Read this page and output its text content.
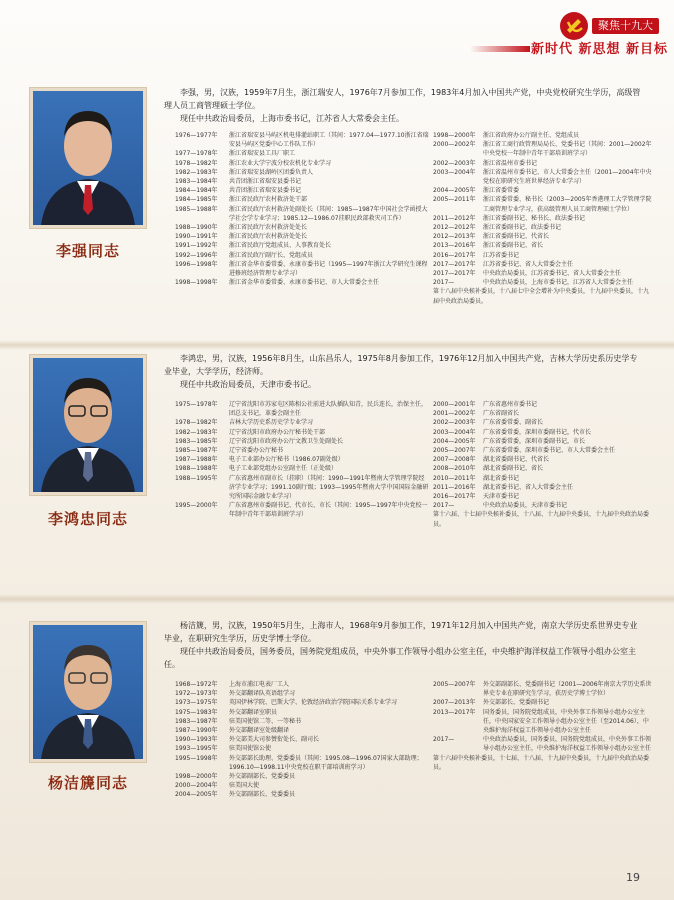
聚焦十九大
新时代 新思想 新目标
李强同志

李强，男，汉族，1959年7月生，浙江瑞安人，1976年7月参加工作，1983年4月加入中国共产党，中央党校研究生学历，高级管理人员工商管理硕士学位。

现任中共政治局委员，上海市委书记，江苏省人大常委会主任。

1976—1977年	浙江省瑞安县马屿区机电排灌站职工（其间：1977.04—1977.10浙江省瑞安县马屿区党委中心工作队工作）
1977—1978年	浙江省瑞安县工具厂职工
1978—1982年	浙江农业大学宁波分校农机化专业学习
1982—1983年	浙江省瑞安县湖岭区团委负责人
1983—1984年	共青团浙江省瑞安县委书记
1984—1984年	共青团浙江省瑞安县委书记
1984—1985年	浙江省民政厅农村救济处干部
1985—1988年	浙江省民政厅农村救济处副处长（其间：1985—1987年中国社会学函授大学社会学专业学习；1985.12—1986.07挂职民政部救灾司工作）
1988—1990年	浙江省民政厅农村救济处处长
1990—1991年	浙江省民政厅农村救济处处长
1991—1992年	浙江省民政厅党组成员、人事教育处长
1992—1996年	浙江省民政厅副厅长、党组成员
1996—1998年	浙江省金华市委常委、永康市委书记（1995—1997年浙江大学研究生课程进修班经济管理专业学习）
1998—1998年	浙江省金华市委常委、永康市委书记、市人大常委会主任
1998—2000年	浙江省政府办公厅副主任、党组成员
2000—2002年	浙江省工商行政管理局局长、党委书记（其间：2001—2002年中央党校一年制中青年干部培训班学习）
2002—2003年	浙江省温州市委书记
2003—2004年	浙江省温州市委书记、市人大常委会主任（2001—2004年中央党校在职研究生班世界经济专业学习）
2004—2005年	浙江省委常委
2005—2011年	浙江省委常委、秘书长（2003—2005年香港理工大学管理学院工商管理专业学习，获高级管理人员工商管理硕士学位）
2011—2012年	浙江省委副书记、秘书长、政法委书记
2012—2012年	浙江省委副书记、政法委书记
2012—2013年	浙江省委副书记、代省长
2013—2016年	浙江省委副书记、省长
2016—2017年	江苏省委书记
2017—2017年	江苏省委书记、省人大常委会主任
2017—2017年	中央政治局委员，江苏省委书记、省人大常委会主任
2017—	中央政治局委员，上海市委书记，江苏省人大常委会主任
第十八届中央候补委员，十八届七中全会增补为中央委员，十九届中央委员，十九届中央政治局委员。
李鸿忠同志

李鸿忠，男，汉族，1956年8月生，山东昌乐人，1975年8月参加工作，1976年12月加入中国共产党，吉林大学历史系历史学专业毕业，大学学历，经济师。

现任中共政治局委员，天津市委书记。

1975—1978年	辽宁省沈阳市苏家屯区陈相公社前进大队插队知青，民兵连长，治保主任，团总支书记，革委会副主任
1978—1982年	吉林大学历史系历史学专业学习
1982—1983年	辽宁省沈阳市政府办公厅秘书处干部
1983—1985年	辽宁省沈阳市政府办公厅文教卫生处副处长
1985—1987年	辽宁省委办公厅秘书
1987—1988年	电子工业部办公厅秘书（1986.07副处级）
1988—1988年	电子工业部党组办公室副主任（正处级）
1988—1995年	广东省惠州市副市长（挂职）（其间：1990—1991年暨南大学管理学院经济学专业学习；1991.10副厅级；1993—1995年暨南大学中国国际金融研究所国际金融专业学习）
1995—2000年	广东省惠州市委副书记、代市长、市长（其间：1995—1997年中央党校一年制中青年干部培训班学习）
2000—2001年	广东省惠州市委书记
2001—2002年	广东省副省长
2002—2003年	广东省委常委、副省长
2003—2004年	广东省委常委，深圳市委副书记，代市长
2004—2005年	广东省委常委，深圳市委副书记，市长
2005—2007年	广东省委常委、深圳市委书记、市人大常委会主任
2007—2008年	湖北省委副书记、代省长
2008—2010年	湖北省委副书记、省长
2010—2011年	湖北省委书记
2011—2016年	湖北省委书记、省人大常委会主任
2016—2017年	天津市委书记
2017—	中央政治局委员，天津市委书记
第十六届、十七届中央候补委员，十八届、十九届中央委员，十九届中央政治局委员。
杨洁篪同志

杨洁篪，男，汉族，1950年5月生，上海市人，1968年9月参加工作，1971年12月加入中国共产党，南京大学历史系世界史专业毕业，在职研究生学历，历史学博士学位。

现任中共政治局委员，国务委员，国务院党组成员，中央外事工作领导小组办公室主任，中央维护海洋权益工作领导小组办公室主任。

1968—1972年	上海市浦江电表厂工人
1972—1973年	外交部翻译队英语组学习
1973—1975年	英国伊林学院、巴斯大学、伦敦经济政治学院国际关系专业学习
1975—1983年	外交部翻译室职员
1983—1987年	驻美国使馆二等、一等秘书
1987—1990年	外交部翻译室处级翻译
1990—1993年	外交部美大司参赞衔处长、副司长
1993—1995年	驻美国使馆公使
1995—1998年	外交部部长助理、党委委员（其间：1995.08—1996.07国家大部助理；1996.10—1998.11中央党校在职干部培训班学习）
1998—2000年	外交部副部长、党委委员
2000—2004年	驻美国大使
2004—2005年	外交部副部长、党委委员
2005—2007年	外交部副部长、党委副书记（2001—2006年南京大学历史系世界史专业在职研究生学习，获历史学博士学位）
2007—2013年	外交部部长、党委副书记
2013—2017年	国务委员，国务院党组成员，中央外事工作领导小组办公室主任，中央国家安全工作领导小组办公室主任（至2014.06），中央维护海洋权益工作领导小组办公室主任
2017—	中央政治局委员，国务委员，国务院党组成员，中央外事工作领导小组办公室主任，中央维护海洋权益工作领导小组办公室主任
第十六届中央候补委员，十七届、十八届、十九届中央委员，十九届中央政治局委员。
19
